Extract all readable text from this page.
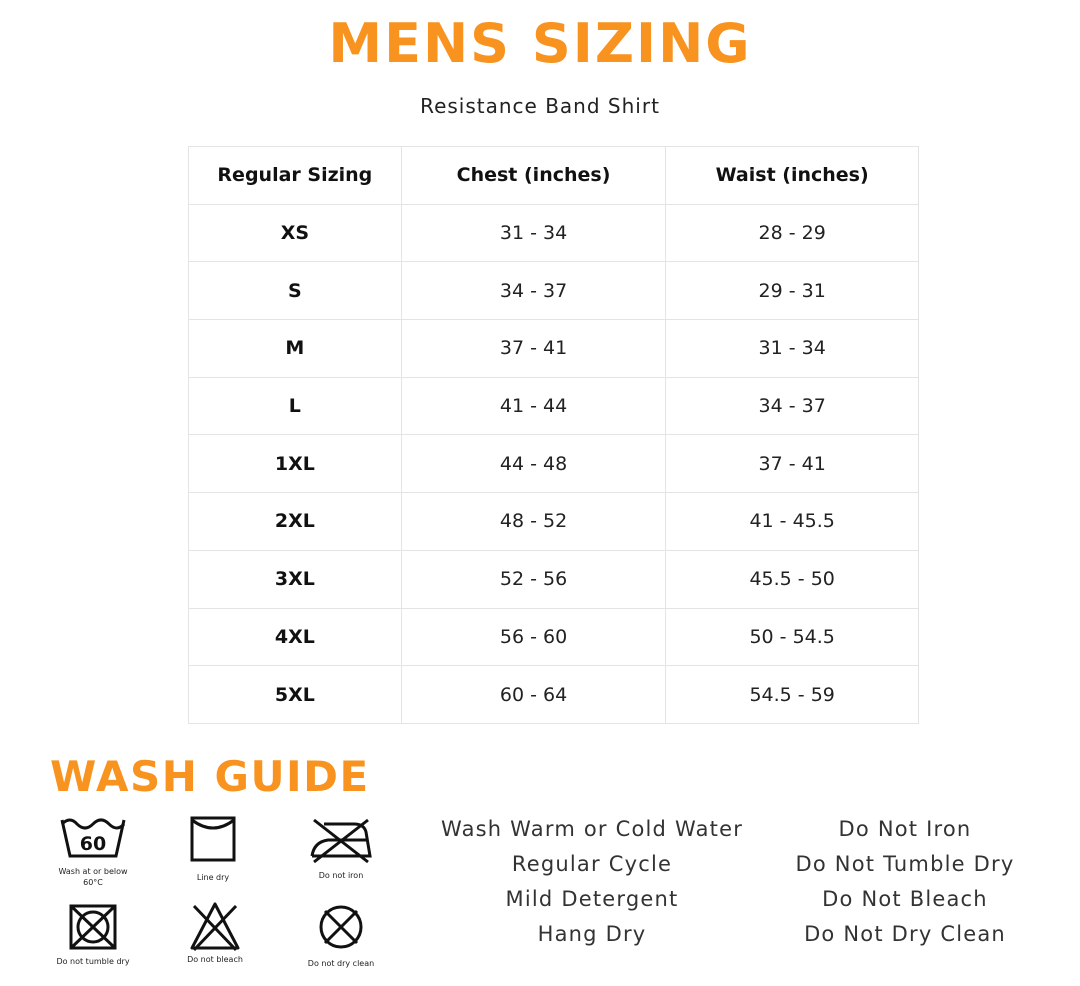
MENS SIZING
Resistance Band Shirt
Regular Sizing	Chest (inches)	Waist (inches)
XS	31 - 34	28 - 29
S	34 - 37	29 - 31
M	37 - 41	31 - 34
L	41 - 44	34 - 37
1XL	44 - 48	37 - 41
2XL	48 - 52	41 - 45.5
3XL	52 - 56	45.5 - 50
4XL	56 - 60	50 - 54.5
5XL	60 - 64	54.5 - 59
WASH GUIDE
60
Wash at or below
60°C
Line dry	Do not iron
Do not tumble dry	Do not bleach	Do not dry clean
Wash Warm or Cold Water
Regular Cycle
Mild Detergent
Hang Dry
Do Not Iron
Do Not Tumble Dry
Do Not Bleach
Do Not Dry Clean
